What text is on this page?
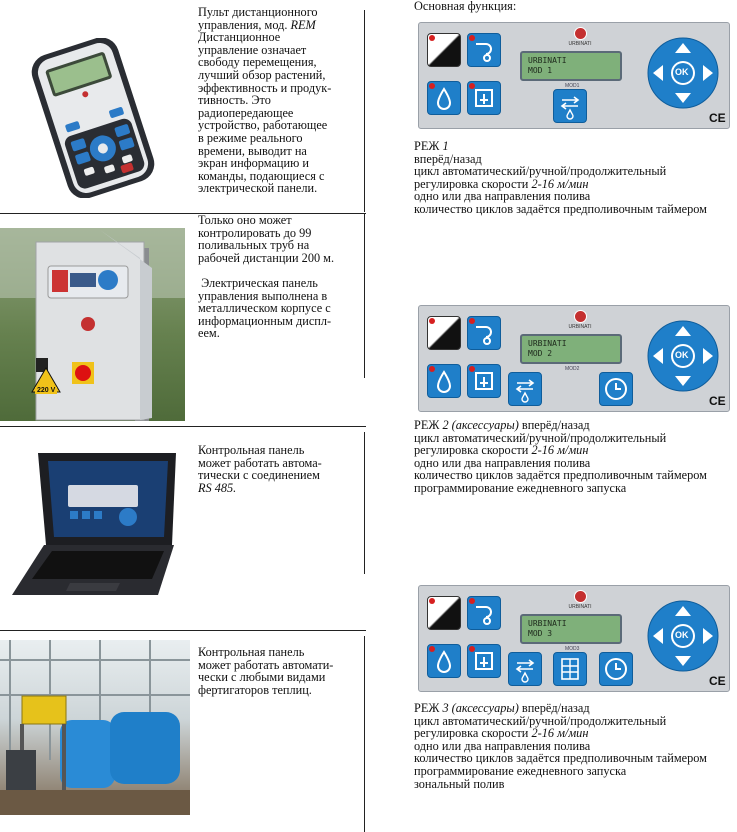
220 V
Пульт дистанционного
управления, мод. REM
Дистанционное
управление означает
свободу перемещения,
лучший обзор растений,
эффективность и продук-
тивность. Это
радиопередающее
устройство, работающее
в режиме реального
времени, выводит на
экран информацию и
команды, подающиеся с
электрической панели.
Только оно может
контролировать до 99
поливальных труб на
рабочей дистанции 200 м.
Электрическая панель
управления выполнена в
металлическом корпусе с
информационным диспл-
еем.
Контрольная панель
может работать автома-
тически с соединением
RS 485.
Контрольная панель
может работать автомати-
чески с любыми видами
фертигаторов теплиц.
Основная функция:
URBINATI
URBINATI
MOD 1
MOD1
OK
CE
URBINATI
URBINATI
MOD 2
MOD2
OK
CE
URBINATI
URBINATI
MOD 3
MOD3
OK
CE
РЕЖ 1
вперёд/назад
цикл автоматический/ручной/продолжительный
регулировка скорости 2-16 м/мин
одно или два направления полива
количество циклов задаётся предполивочным таймером
РЕЖ 2 (аксессуары) вперёд/назад
цикл автоматический/ручной/продолжительный
регулировка скорости 2-16 м/мин
одно или два направления полива
количество циклов задаётся предполивочным таймером
программирование ежедневного запуска
РЕЖ 3 (аксессуары) вперёд/назад
цикл автоматический/ручной/продолжительный
регулировка скорости 2-16 м/мин
одно или два направления полива
количество циклов задаётся предполивочным таймером
программирование ежедневного запуска
зональный полив
